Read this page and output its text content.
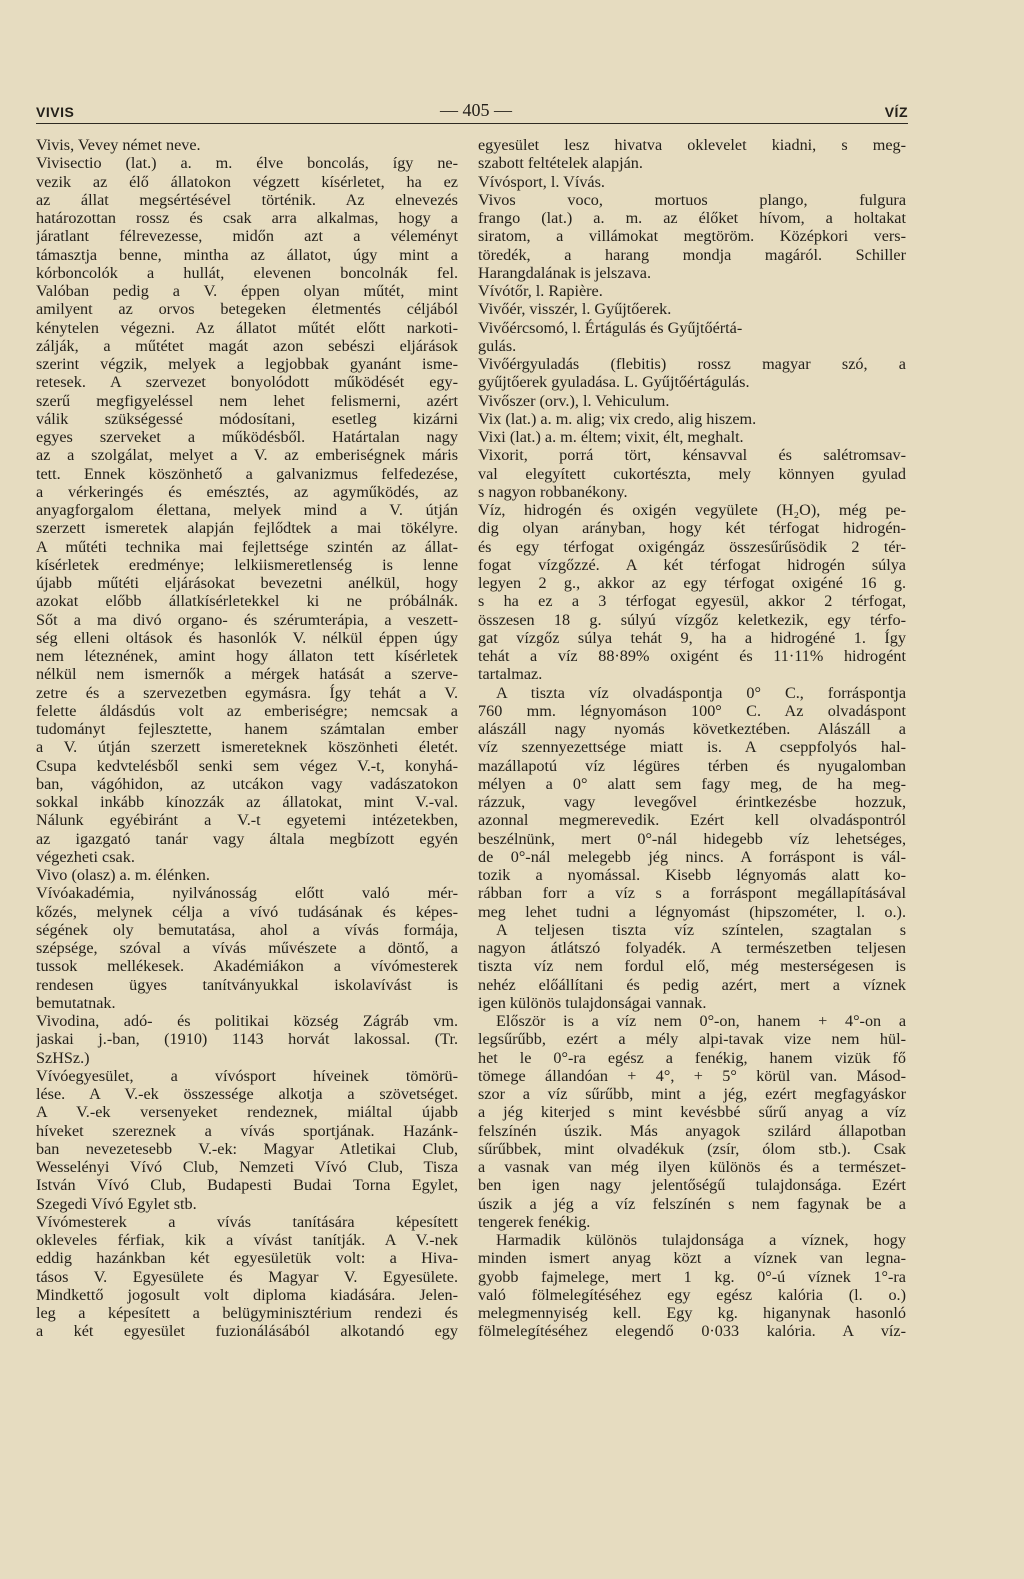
VIVIS	— 405 —	VÍZ
Vivis, Vevey német neve.
Vivisectio (lat.) a. m. élve boncolás, így ne-
vezik az élő állatokon végzett kísérletet, ha ez
az állat megsértésével történik. Az elnevezés
határozottan rossz és csak arra alkalmas, hogy a
járatlant félrevezesse, midőn azt a véleményt
támasztja benne, mintha az állatot, úgy mint a
kórboncolók a hullát, elevenen boncolnák fel.
Valóban pedig a V. éppen olyan műtét, mint
amilyent az orvos betegeken életmentés céljából
kénytelen végezni. Az állatot műtét előtt narkoti-
zálják, a műtétet magát azon sebészi eljárások
szerint végzik, melyek a legjobbak gyanánt isme-
retesek. A szervezet bonyolódott működését egy-
szerű megfigyeléssel nem lehet felismerni, azért
válik szükségessé módosítani, esetleg kizárni
egyes szerveket a működésből. Határtalan nagy
az a szolgálat, melyet a V. az emberiségnek máris
tett. Ennek köszönhető a galvanizmus felfedezése,
a vérkeringés és emésztés, az agyműködés, az
anyagforgalom élettana, melyek mind a V. útján
szerzett ismeretek alapján fejlődtek a mai tökélyre.
A műtéti technika mai fejlettsége szintén az állat-
kísérletek eredménye; lelkiismeretlenség is lenne
újabb műtéti eljárásokat bevezetni anélkül, hogy
azokat előbb állatkísérletekkel ki ne próbálnák.
Sőt a ma divó organo- és szérumterápia, a veszett-
ség elleni oltások és hasonlók V. nélkül éppen úgy
nem léteznének, amint hogy állaton tett kísérletek
nélkül nem ismernők a mérgek hatását a szerve-
zetre és a szervezetben egymásra. Így tehát a V.
felette áldásdús volt az emberiségre; nemcsak a
tudományt fejlesztette, hanem számtalan ember
a V. útján szerzett ismereteknek köszönheti életét.
Csupa kedvtelésből senki sem végez V.-t, konyhá-
ban, vágóhidon, az utcákon vagy vadászatokon
sokkal inkább kínozzák az állatokat, mint V.-val.
Nálunk egyébiránt a V.-t egyetemi intézetekben,
az igazgató tanár vagy általa megbízott egyén
végezheti csak.
Vivo (olasz) a. m. élénken.
Vívóakadémia, nyilvánosság előtt való mér-
kőzés, melynek célja a vívó tudásának és képes-
ségének oly bemutatása, ahol a vívás formája,
szépsége, szóval a vívás művészete a döntő, a
tussok mellékesek. Akadémiákon a vívómesterek
rendesen ügyes tanítványukkal iskolavívást is
bemutatnak.
Vivodina, adó- és politikai község Zágráb vm.
jaskai j.-ban, (1910) 1143 horvát lakossal. (Tr.
SzHSz.)
Vívóegyesület, a vívósport híveinek tömörü-
lése. A V.-ek összessége alkotja a szövetséget.
A V.-ek versenyeket rendeznek, miáltal újabb
híveket szereznek a vívás sportjának. Hazánk-
ban nevezetesebb V.-ek: Magyar Atletikai Club,
Wesselényi Vívó Club, Nemzeti Vívó Club, Tisza
István Vívó Club, Budapesti Budai Torna Egylet,
Szegedi Vívó Egylet stb.
Vívómesterek a vívás tanítására képesített
okleveles férfiak, kik a vívást tanítják. A V.-nek
eddig hazánkban két egyesületük volt: a Hiva-
tásos V. Egyesülete és Magyar V. Egyesülete.
Mindkettő jogosult volt diploma kiadására. Jelen-
leg a képesített a belügyminisztérium rendezi és
a két egyesület fuzionálásából alkotandó egy
egyesület lesz hivatva oklevelet kiadni, s meg-
szabott feltételek alapján.
Vívósport, l. Vívás.
Vivos voco, mortuos plango, fulgura
frango (lat.) a. m. az élőket hívom, a holtakat
siratom, a villámokat megtöröm. Középkori vers-
töredék, a harang mondja magáról. Schiller
Harangdalának is jelszava.
Vívótőr, l. Rapière.
Vivőér, visszér, l. Gyűjtőerek.
Vivőércsomó, l. Értágulás és Gyűjtőértá-
gulás.
Vivőérgyuladás (flebitis) rossz magyar szó, a
gyűjtőerek gyuladása. L. Gyűjtőértágulás.
Vivőszer (orv.), l. Vehiculum.
Vix (lat.) a. m. alig; vix credo, alig hiszem.
Vixi (lat.) a. m. éltem; vixit, élt, meghalt.
Vixorit, porrá tört, kénsavval és salétromsav-
val elegyített cukortészta, mely könnyen gyulad
s nagyon robbanékony.
Víz, hidrogén és oxigén vegyülete (H₂O), még pe-
dig olyan arányban, hogy két térfogat hidrogén-
és egy térfogat oxigéngáz összesűrűsödik 2 tér-
fogat vízgőzzé. A két térfogat hidrogén súlya
legyen 2 g., akkor az egy térfogat oxigéné 16 g.
s ha ez a 3 térfogat egyesül, akkor 2 térfogat,
összesen 18 g. súlyú vízgőz keletkezik, egy térfo-
gat vízgőz súlya tehát 9, ha a hidrogéné 1. Így
tehát a víz 88·89% oxigént és 11·11% hidrogént
tartalmaz.
A tiszta víz olvadáspontja 0° C., forráspontja
760 mm. légnyomáson 100° C. Az olvadáspont
alászáll nagy nyomás következtében. Alászáll a
víz szennyezettsége miatt is. A cseppfolyós hal-
mazállapotú víz légüres térben és nyugalomban
mélyen a 0° alatt sem fagy meg, de ha meg-
rázzuk, vagy levegővel érintkezésbe hozzuk,
azonnal megmerevedik. Ezért kell olvadáspontról
beszélnünk, mert 0°-nál hidegebb víz lehetséges,
de 0°-nál melegebb jég nincs. A forráspont is vál-
tozik a nyomással. Kisebb légnyomás alatt ko-
rábban forr a víz s a forráspont megállapításával
meg lehet tudni a légnyomást (hipszométer, l. o.).
A teljesen tiszta víz színtelen, szagtalan s
nagyon átlátszó folyadék. A természetben teljesen
tiszta víz nem fordul elő, még mesterségesen is
nehéz előállítani és pedig azért, mert a víznek
igen különös tulajdonságai vannak.
Először is a víz nem 0°-on, hanem + 4°-on a
legsűrűbb, ezért a mély alpi-tavak vize nem hül-
het le 0°-ra egész a fenékig, hanem vizük fő
tömege állandóan + 4°, + 5° körül van. Másod-
szor a víz sűrűbb, mint a jég, ezért megfagyáskor
a jég kiterjed s mint kevésbbé sűrű anyag a víz
felszínén úszik. Más anyagok szilárd állapotban
sűrűbbek, mint olvadékuk (zsír, ólom stb.). Csak
a vasnak van még ilyen különös és a természet-
ben igen nagy jelentőségű tulajdonsága. Ezért
úszik a jég a víz felszínén s nem fagynak be a
tengerek fenékig.
Harmadik különös tulajdonsága a víznek, hogy
minden ismert anyag közt a víznek van legna-
gyobb fajmelege, mert 1 kg. 0°-ú víznek 1°-ra
való fölmelegítéséhez egy egész kalória (l. o.)
melegmennyiség kell. Egy kg. higanynak hasonló
fölmelegítéséhez elegendő 0·033 kalória. A víz-
